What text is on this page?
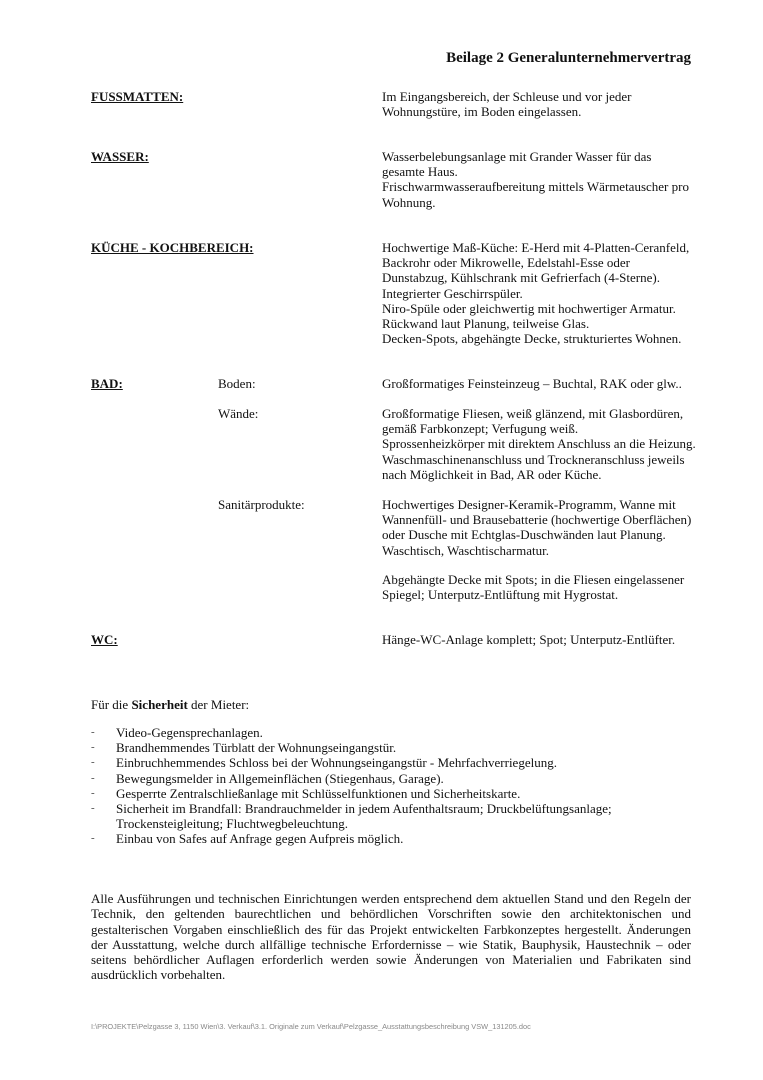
Beilage 2 Generalunternehmervertrag
FUSSMATTEN:	Im Eingangsbereich, der Schleuse und vor jeder
Wohnungstüre, im Boden eingelassen.
WASSER:	Wasserbelebungsanlage mit Grander Wasser für das
gesamte Haus.
Frischwarmwasseraufbereitung mittels Wärmetauscher pro
Wohnung.
KÜCHE - KOCHBEREICH:	Hochwertige Maß-Küche: E-Herd mit 4-Platten-Ceranfeld,
Backrohr oder Mikrowelle, Edelstahl-Esse oder
Dunstabzug, Kühlschrank mit Gefrierfach (4-Sterne).
Integrierter Geschirrspüler.
Niro-Spüle oder gleichwertig mit hochwertiger Armatur.
Rückwand laut Planung, teilweise Glas.
Decken-Spots, abgehängte Decke, strukturiertes Wohnen.
BAD:	Boden:	Großformatiges Feinsteinzeug – Buchtal, RAK oder glw..
Wände:	Großformatige Fliesen, weiß glänzend, mit Glasbordüren,
gemäß Farbkonzept; Verfugung weiß.
Sprossenheizkörper mit direktem Anschluss an die Heizung.
Waschmaschinenanschluss und Trockneranschluss jeweils
nach Möglichkeit in Bad, AR oder Küche.
Sanitärprodukte:	Hochwertiges Designer-Keramik-Programm, Wanne mit
Wannenfüll- und Brausebatterie (hochwertige Oberflächen)
oder Dusche mit Echtglas-Duschwänden laut Planung.
Waschtisch, Waschtischarmatur.
Abgehängte Decke mit Spots; in die Fliesen eingelassener
Spiegel; Unterputz-Entlüftung mit Hygrostat.
WC:	Hänge-WC-Anlage komplett; Spot; Unterputz-Entlüfter.
Für die Sicherheit der Mieter:
- Video-Gegensprechanlagen.
- Brandhemmendes Türblatt der Wohnungseingangstür.
- Einbruchhemmendes Schloss bei der Wohnungseingangstür - Mehrfachverriegelung.
- Bewegungsmelder in Allgemeinflächen (Stiegenhaus, Garage).
- Gesperrte Zentralschließanlage mit Schlüsselfunktionen und Sicherheitskarte.
- Sicherheit im Brandfall: Brandrauchmelder in jedem Aufenthaltsraum; Druckbelüftungsanlage;
Trockensteigleitung; Fluchtwegbeleuchtung.
- Einbau von Safes auf Anfrage gegen Aufpreis möglich.

Alle Ausführungen und technischen Einrichtungen werden entsprechend dem aktuellen Stand und den Regeln der Technik, den geltenden baurechtlichen und behördlichen Vorschriften sowie den architektonischen und gestalterischen Vorgaben einschließlich des für das Projekt entwickelten Farbkonzeptes hergestellt. Änderungen der Ausstattung, welche durch allfällige technische Erfordernisse – wie Statik, Bauphysik, Haustechnik – oder seitens behördlicher Auflagen erforderlich werden sowie Änderungen von Materialien und Fabrikaten sind ausdrücklich vorbehalten.

I:\PROJEKTE\Pelzgasse 3, 1150 Wien\3. Verkauf\3.1. Originale zum Verkauf\Pelzgasse_Ausstattungsbeschreibung VSW_131205.doc
